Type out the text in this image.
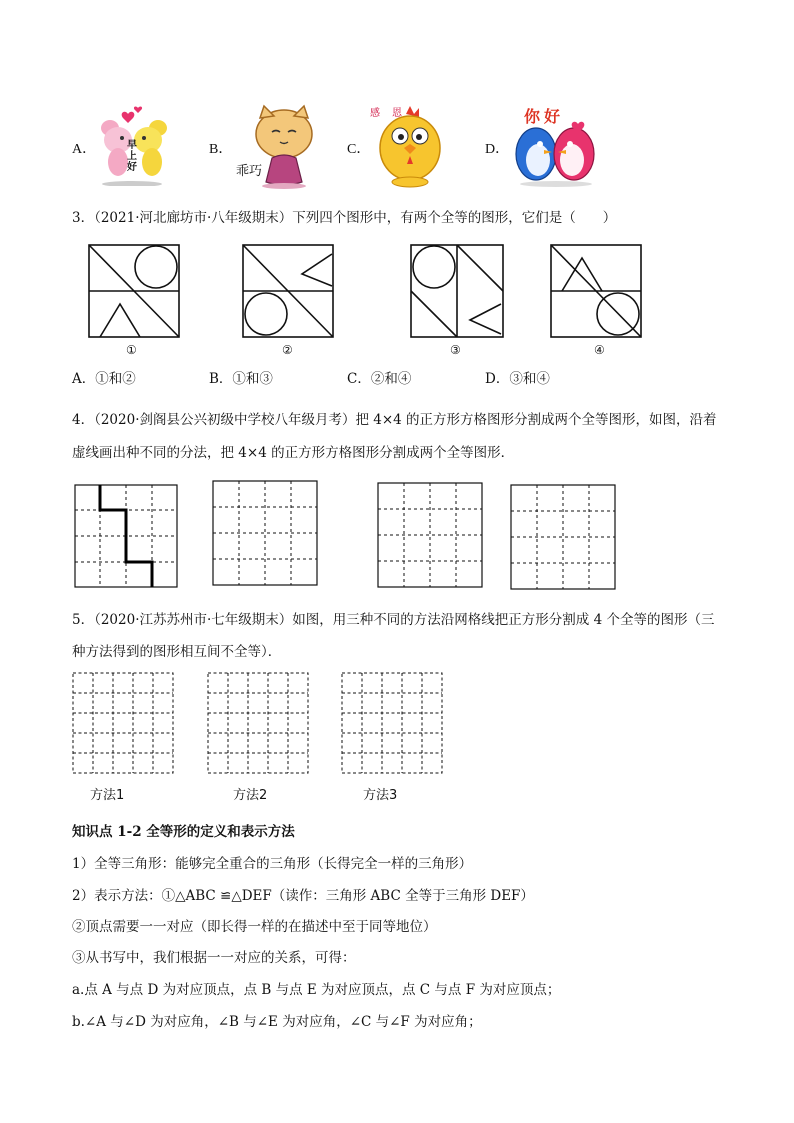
A．	早上好
B．
乖巧
C．
感恩
D．
你好
3．（2021·河北廊坊市·八年级期末）下列四个图形中，有两个全等的图形，它们是（　　）
①	②	③	④
A．①和②	B．①和③	C．②和④	D．③和④
4．（2020·剑阁县公兴初级中学校八年级月考）把 4×4 的正方形方格图形分割成两个全等图形，如图，沿着
虚线画出种不同的分法，把 4×4 的正方形方格图形分割成两个全等图形．
5．（2020·江苏苏州市·七年级期末）如图，用三种不同的方法沿网格线把正方形分割成 4 个全等的图形（三
种方法得到的图形相互间不全等）．
方法1	方法2	方法3
知识点 1-2 全等形的定义和表示方法
1）全等三角形：能够完全重合的三角形（长得完全一样的三角形）
2）表示方法：①△ABC ≌△DEF（读作：三角形 ABC 全等于三角形 DEF）
②顶点需要一一对应（即长得一样的在描述中至于同等地位）
③从书写中，我们根据一一对应的关系，可得：
a.点 A 与点 D 为对应顶点，点 B 与点 E 为对应顶点，点 C 与点 F 为对应顶点；
b.∠A 与∠D 为对应角，∠B 与∠E 为对应角，∠C 与∠F 为对应角；
